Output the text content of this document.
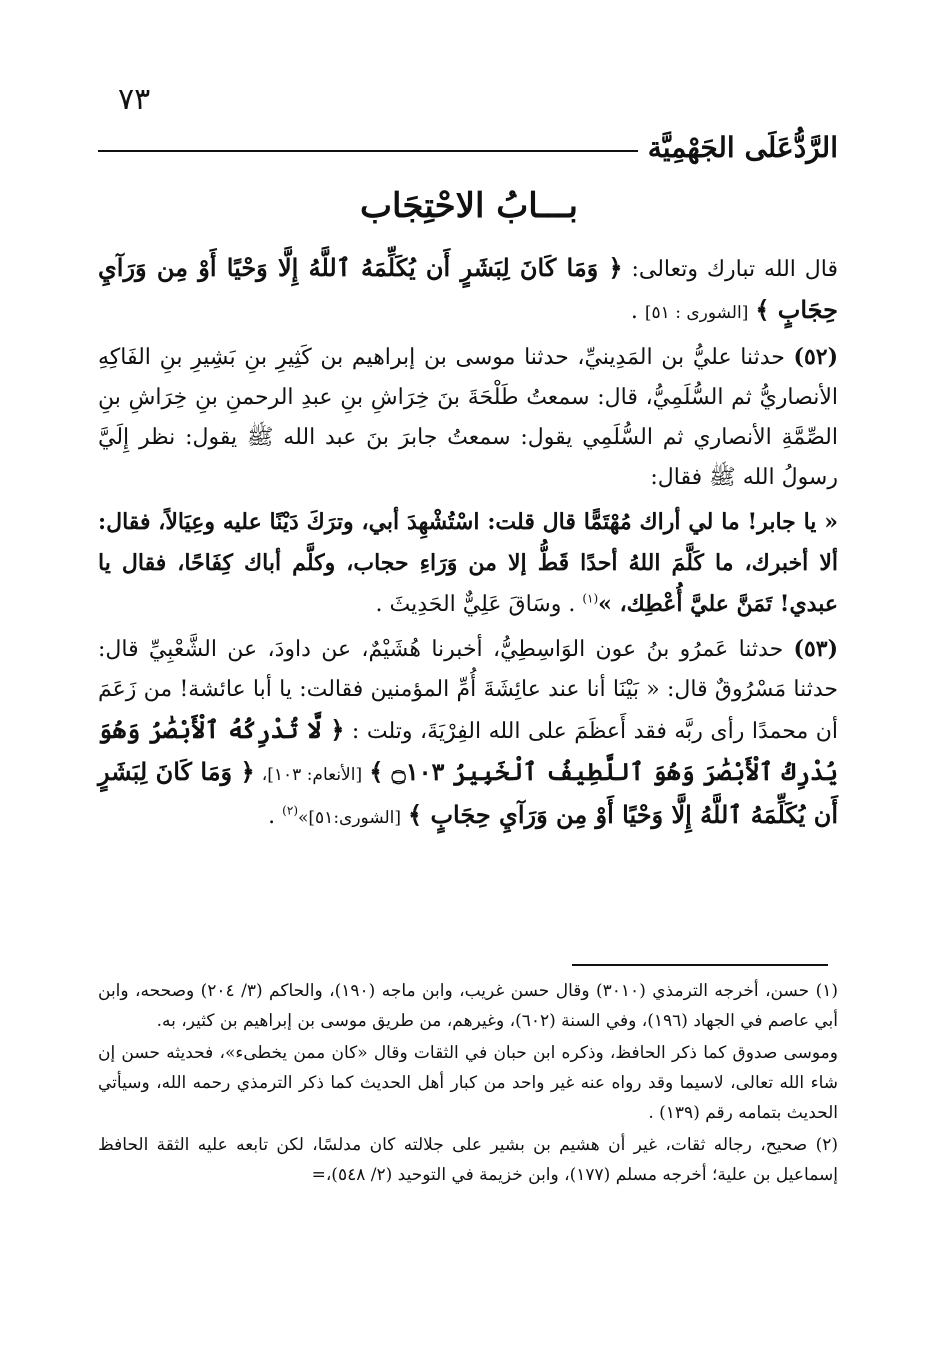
٧٣
الرَّدُّعَلَى الجَهْمِيَّة
بـــابُ الاحْتِجَاب

قال الله تبارك وتعالى: ﴿ وَمَا كَانَ لِبَشَرٍ أَن يُكَلِّمَهُ ٱللَّهُ إِلَّا وَحْيًا أَوْ مِن وَرَآيِ حِجَابٍ ﴾ [الشورى : ٥١] .

(٥٢) حدثنا عليُّ بن المَدِينيِّ، حدثنا موسى بن إبراهيم بن كَثِيرِ بنِ بَشِيرِ بنِ الفَاكِهِ الأنصاريُّ ثم السُّلَمِيُّ، قال: سمعتُ طَلْحَةَ بنَ خِرَاشِ بنِ عبدِ الرحمنِ بنِ خِرَاشِ بنِ الصِّمَّةِ الأنصاري ثم السُّلَمِي يقول: سمعتُ جابرَ بنَ عبد الله ﷺ يقول: نظر إِلَيَّ رسولُ الله ﷺ فقال:

« يا جابر! ما لي أراك مُهْتَمًّا قال قلت: اسْتُشْهِدَ أبي، وترَكَ دَيْنًا عليه وعِيَالاً، فقال: ألا أخبرك، ما كَلَّمَ اللهُ أحدًا قَطُّ إلا من وَرَاءِ حجاب، وكلَّم أباك كِفَاحًا، فقال يا عبدي! تَمَنَّ عليَّ أُعْطِك، »$^{(١)}$ . وسَاقَ عَلِيٌّ الحَدِيثَ .

(٥٣) حدثنا عَمرُو بنُ عون الوَاسِطِيُّ، أخبرنا هُشَيْمٌ، عن داودَ، عن الشَّعْبِيِّ قال: حدثنا مَسْرُوقٌ قال: « بَيْنَا أنا عند عائِشَةَ أُمِّ المؤمنين فقالت: يا أبا عائشة! من زَعَمَ أن محمدًا رأى ربَّه فقد أَعظَمَ على الله الفِرْيَةَ، وتلت : ﴿ لَّا تُدْرِكُهُ ٱلْأَبْصَٰرُ وَهُوَ يُدْرِكُ ٱلْأَبْصَٰرَ وَهُوَ ٱللَّطِيفُ ٱلْخَبِيرُ ۝١٠٣ ﴾ [الأنعام: ١٠٣]، ﴿ وَمَا كَانَ لِبَشَرٍ أَن يُكَلِّمَهُ ٱللَّهُ إِلَّا وَحْيًا أَوْ مِن وَرَآيِ حِجَابٍ ﴾ [الشورى:٥١]»$^{(٢)}$ .

(١) حسن، أخرجه الترمذي (٣٠١٠) وقال حسن غريب، وابن ماجه (١٩٠)، والحاكم (٣/ ٢٠٤) وصححه، وابن أبي عاصم في الجهاد (١٩٦)، وفي السنة (٦٠٢)، وغيرهم، من طريق موسى بن إبراهيم بن كثير، به.

وموسى صدوق كما ذكر الحافظ، وذكره ابن حبان في الثقات وقال «كان ممن يخطىء»، فحديثه حسن إن شاء الله تعالى، لاسيما وقد رواه عنه غير واحد من كبار أهل الحديث كما ذكر الترمذي رحمه الله، وسيأتي الحديث بتمامه رقم (١٣٩) .

(٢) صحيح، رجاله ثقات، غير أن هشيم بن بشير على جلالته كان مدلسًا، لكن تابعه عليه الثقة الحافظ إسماعيل بن علية؛ أخرجه مسلم (١٧٧)، وابن خزيمة في التوحيد (٢/ ٥٤٨)،=
